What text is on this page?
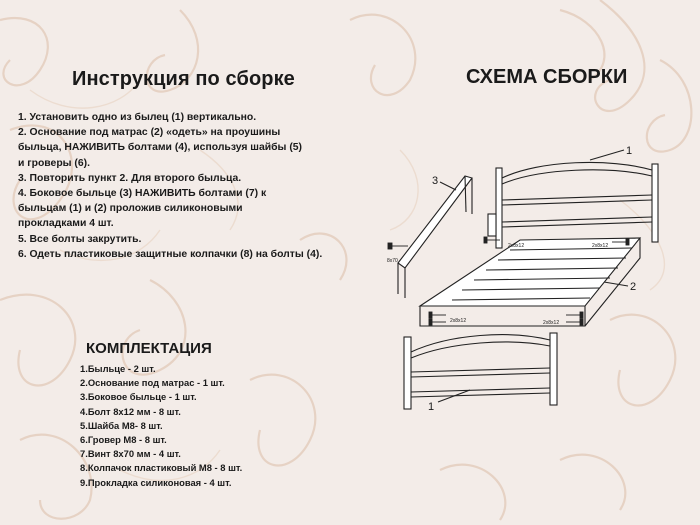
Инструкция по сборке	СХЕМА СБОРКИ
1. Установить одно из былец (1) вертикально.
2. Основание под матрас (2) «одеть» на проушины
быльца, НАЖИВИТЬ болтами (4), используя шайбы (5)
и гроверы (6).
3. Повторить пункт 2. Для второго быльца.
4. Боковое быльце (3) НАЖИВИТЬ болтами (7) к
быльцам (1) и (2) проложив силиконовыми
прокладками 4 шт.
5. Все болты закрутить.
6. Одеть пластиковые защитные колпачки (8) на болты (4).
КОМПЛЕКТАЦИЯ
1.Быльце - 2 шт.
2.Основание под матрас - 1 шт.
3.Боковое быльце - 1 шт.
4.Болт 8х12 мм - 8 шт.
5.Шайба М8- 8 шт.
6.Гровер М8 - 8 шт.
7.Винт 8х70 мм - 4 шт.
8.Колпачок пластиковый М8 - 8 шт.
9.Прокладка силиконовая - 4 шт.
1
3
2
1
8x70
2x8x12	2x8x12
2x8x12	2x8x12
